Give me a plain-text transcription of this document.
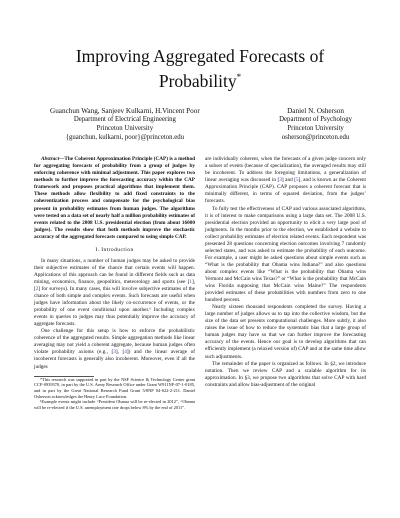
Improving Aggregated Forecasts of Probability*
Guanchun Wang, Sanjeev Kulkarni, H.Vincent Poor
Department of Electrical Engineering
Princeton University
{guanchun, kulkarni, poor}@princeton.edu
Daniel N. Osherson
Department of Psychology
Princeton University
osherson@princeton.edu

Abstract—The Coherent Approximation Principle (CAP) is a method for aggregating forecasts of probability from a group of judges by enforcing coherence with minimal adjustment. This paper explores two methods to further improve the forecasting accuracy within the CAP framework and proposes practical algorithms that implement them. These methods allow flexibility to add fixed constraints to the coherentization process and compensate for the psychological bias present in probability estimates from human judges. The algorithms were tested on a data set of nearly half a million probability estimates of events related to the 2008 U.S. presidential election (from about 16000 judges). The results show that both methods improve the stochastic accuracy of the aggregated forecasts compared to using simple CAP.

I. Introduction

In many situations, a number of human judges may be asked to provide their subjective estimates of the chance that certain events will happen. Applications of this approach can be found in different fields such as data mining, economics, finance, geopolitics, meteorology and sports (see [1], [2] for surveys). In many cases, this will involve subjective estimates of the chance of both simple and complex events. Such forecasts are useful when judges have information about the likely co-occurrence of events, or the probability of one event conditional upon another.¹ Including complex events in queries to judges may thus potentially improve the accuracy of aggregate forecasts.

One challenge for this setup is how to enforce the probabilistic coherence of the aggregated results. Simple aggregation methods like linear averaging may not yield a coherent aggregate, because human judges often violate probability axioms (e.g., [3], [4]) and the linear average of incoherent forecasts is generally also incoherent. Moreover, even if all the judges

*This research was supported in part by the NSF Science & Technology Center grant CCF-0939370, in part by the U.S. Army Research Office under Grant W911NF-07-1-0185, and in part by the Great National Research Fund Grant 5/8NP 04-S22-2-211. Daniel Osherson acknowledges the Henry Luce Foundation.
¹Example events might include “President Obama will be re-elected in 2012”, “Obama will be re-elected if the U.S. unemployment rate drops below 8% by the end of 2011”.

are individually coherent, when the forecasts of a given judge concern only a subset of events (because of specialization), the averaged results may still be incoherent. To address the foregoing limitations, a generalization of linear averaging was discussed in [3] and [5], and is known as the Coherent Approximation Principle (CAP). CAP proposes a coherent forecast that is minimally different, in terms of squared deviation, from the judges’ forecasts.

To fully test the effectiveness of CAP and various associated algorithms, it is of interest to make comparisons using a large data set. The 2008 U.S. presidential election provided an opportunity to elicit a very large pool of judgments. In the months prior to the election, we established a website to collect probability estimates of election related events. Each respondent was presented 28 questions concerning election outcomes involving 7 randomly selected states, and was asked to estimate the probability of each outcome. For example, a user might be asked questions about simple events such as “What is the probability that Obama wins Indiana?” and also questions about complex events like “What is the probability that Obama wins Vermont and McCain wins Texas?” or “What is the probability that McCain wins Florida supposing that McCain wins Maine?” The respondents provided estimates of these probabilities with numbers from zero to one hundred percent.

Nearly sixteen thousand respondents completed the survey. Having a large number of judges allows us to tap into the collective wisdom, but the size of the data set presents computational challenges. More subtly, it also raises the issue of how to reduce the systematic bias that a large group of human judges may have so that we can further improve the forecasting accuracy of the events. Hence our goal is to develop algorithms that can efficiently implement (a relaxed version of) CAP and at the same time allow such adjustments.

The remainder of the paper is organized as follows. In §2, we introduce notation. Then we review CAP and a scalable algorithm for its approximation. In §3, we propose two algorithms that solve CAP with hard constraints and allow bias-adjustment of the original
